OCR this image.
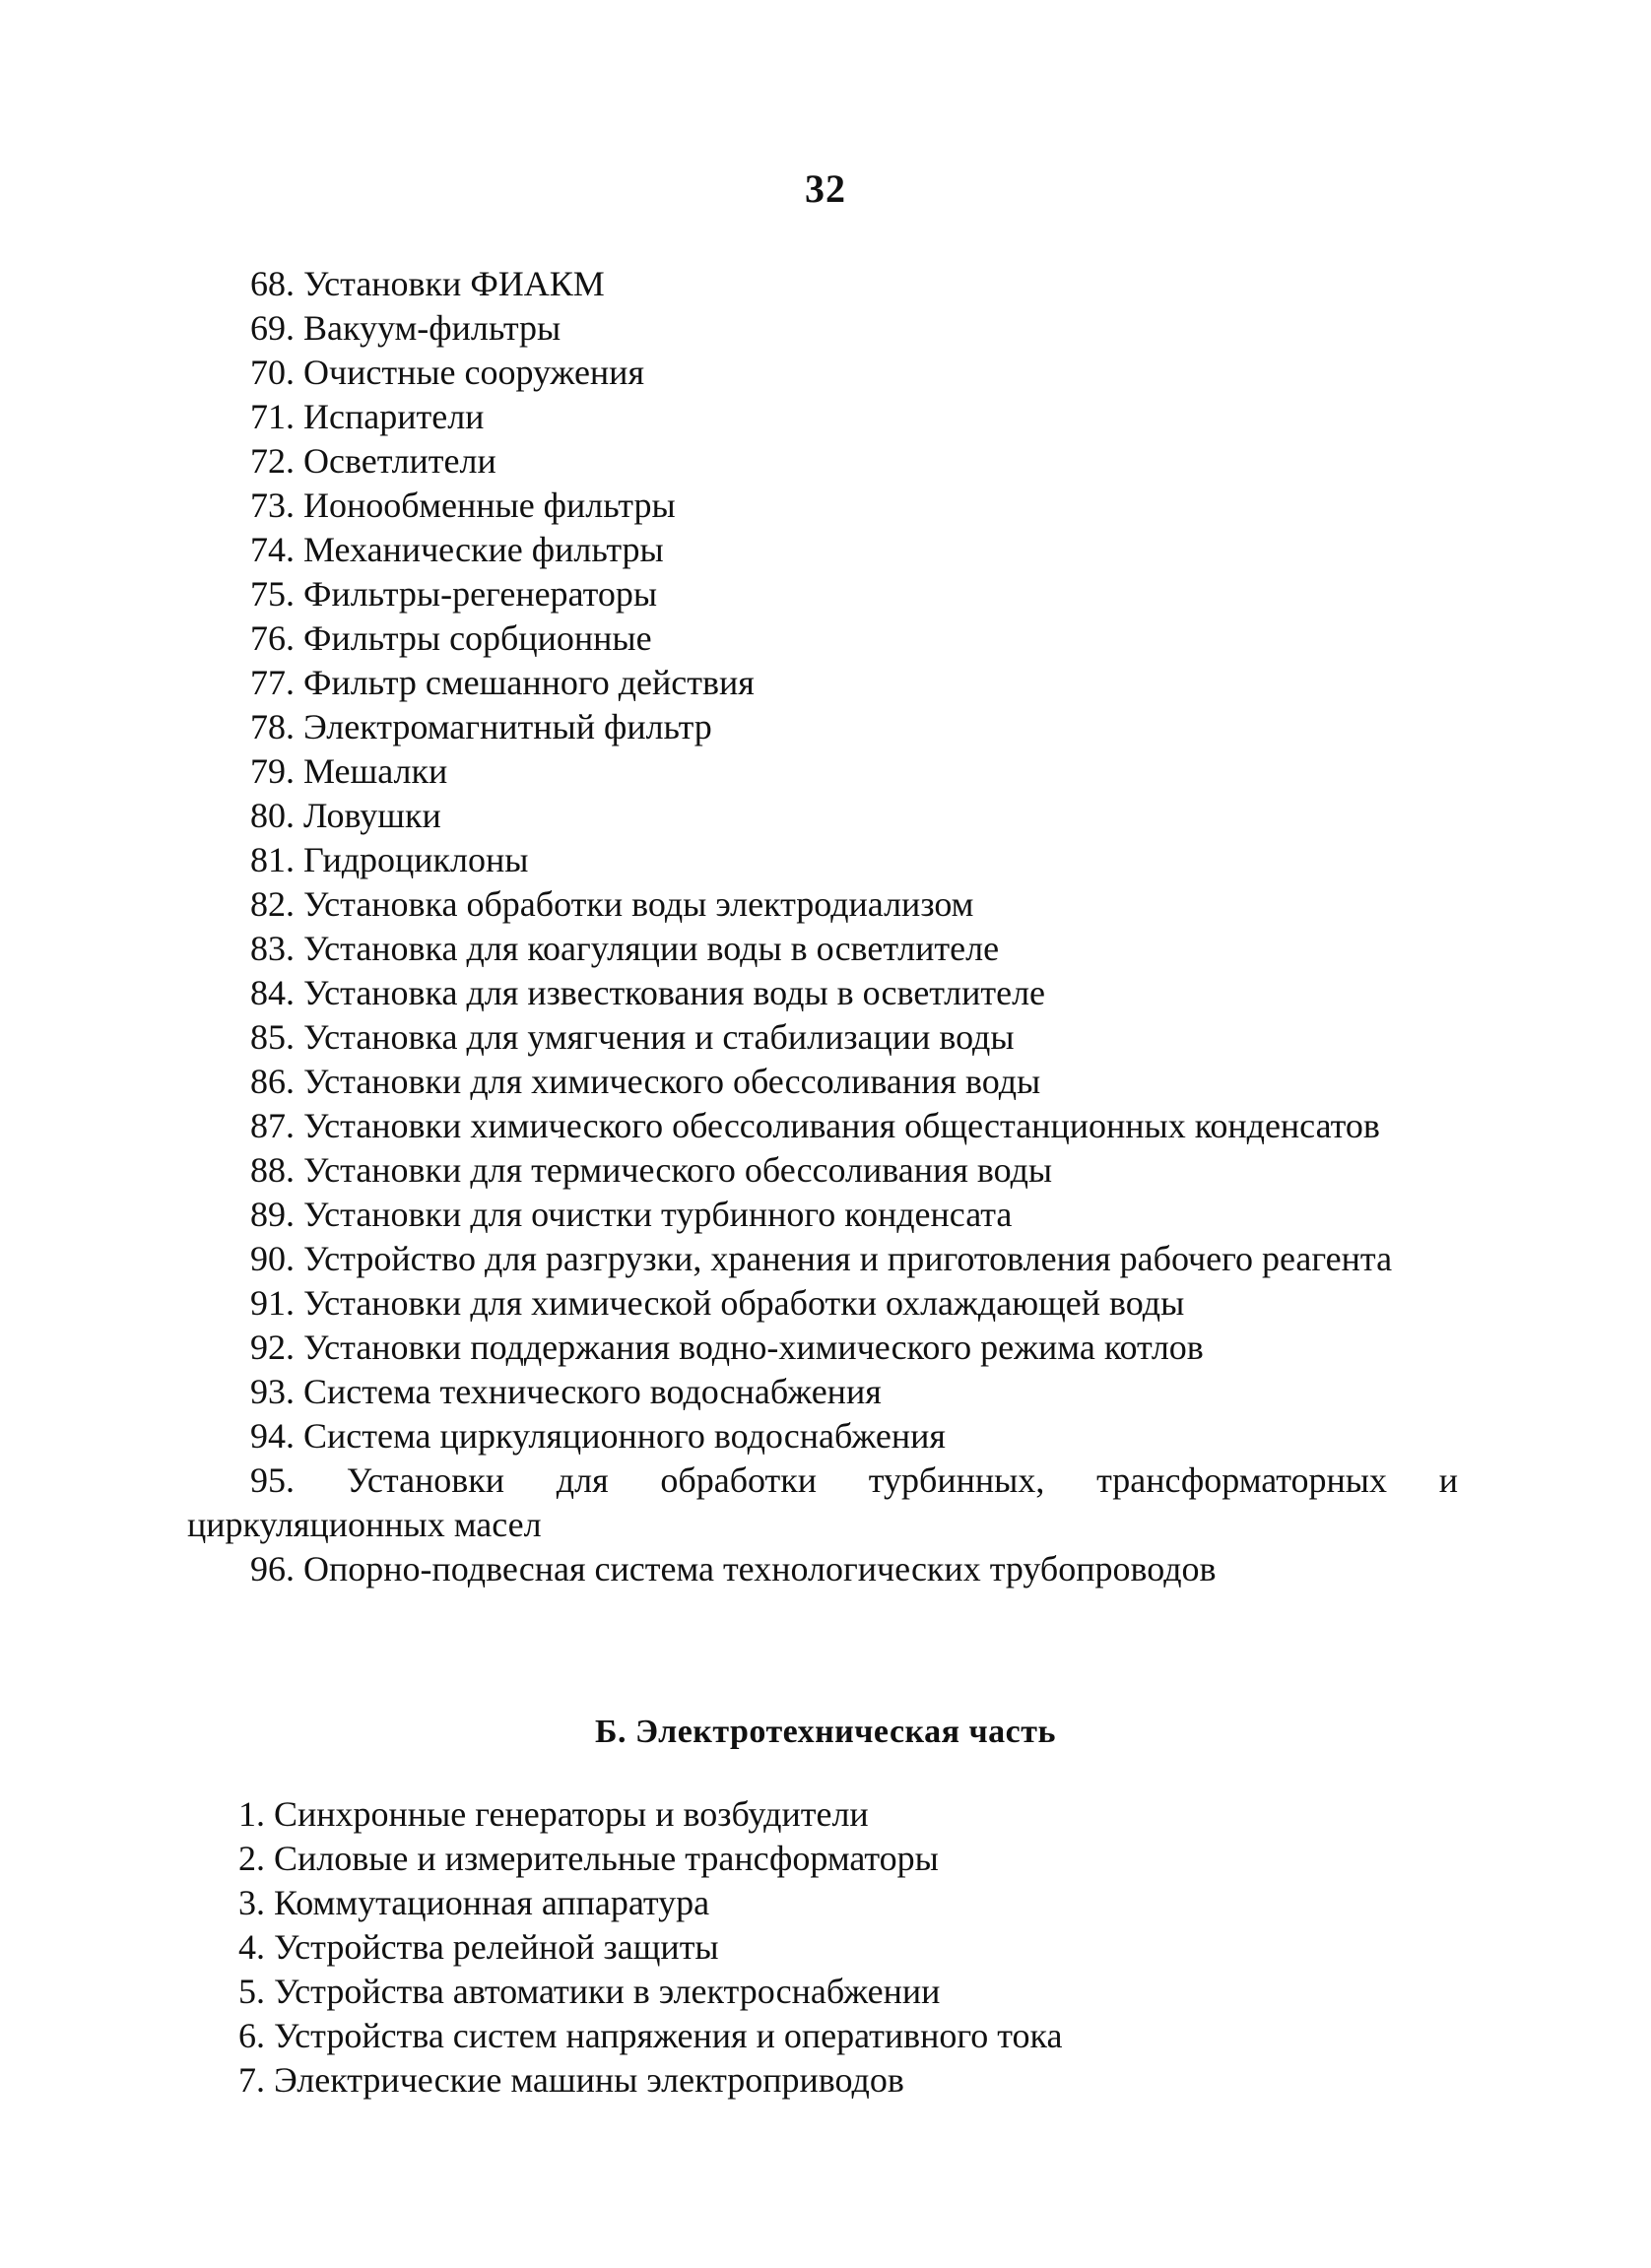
32
68. Установки ФИАКМ
69. Вакуум-фильтры
70. Очистные сооружения
71. Испарители
72. Осветлители
73. Ионообменные фильтры
74. Механические фильтры
75. Фильтры-регенераторы
76. Фильтры сорбционные
77. Фильтр смешанного действия
78. Электромагнитный фильтр
79. Мешалки
80. Ловушки
81. Гидроциклоны
82. Установка обработки воды электродиализом
83. Установка для коагуляции воды в осветлителе
84. Установка для известкования воды в осветлителе
85. Установка для умягчения и стабилизации воды
86. Установки для химического обессоливания воды
87. Установки химического обессоливания общестанционных конденсатов
88. Установки для термического обессоливания воды
89. Установки для очистки турбинного конденсата
90. Устройство для разгрузки, хранения и приготовления рабочего реагента
91. Установки для химической обработки охлаждающей воды
92. Установки поддержания водно-химического режима котлов
93. Система технического водоснабжения
94. Система циркуляционного водоснабжения
95. Установки для обработки турбинных, трансформаторных и циркуляционных масел
96. Опорно-подвесная система технологических трубопроводов
Б. Электротехническая часть
1. Синхронные генераторы и возбудители
2. Силовые и измерительные трансформаторы
3. Коммутационная аппаратура
4. Устройства релейной защиты
5. Устройства автоматики в электроснабжении
6. Устройства систем напряжения и оперативного тока
7. Электрические машины электроприводов
